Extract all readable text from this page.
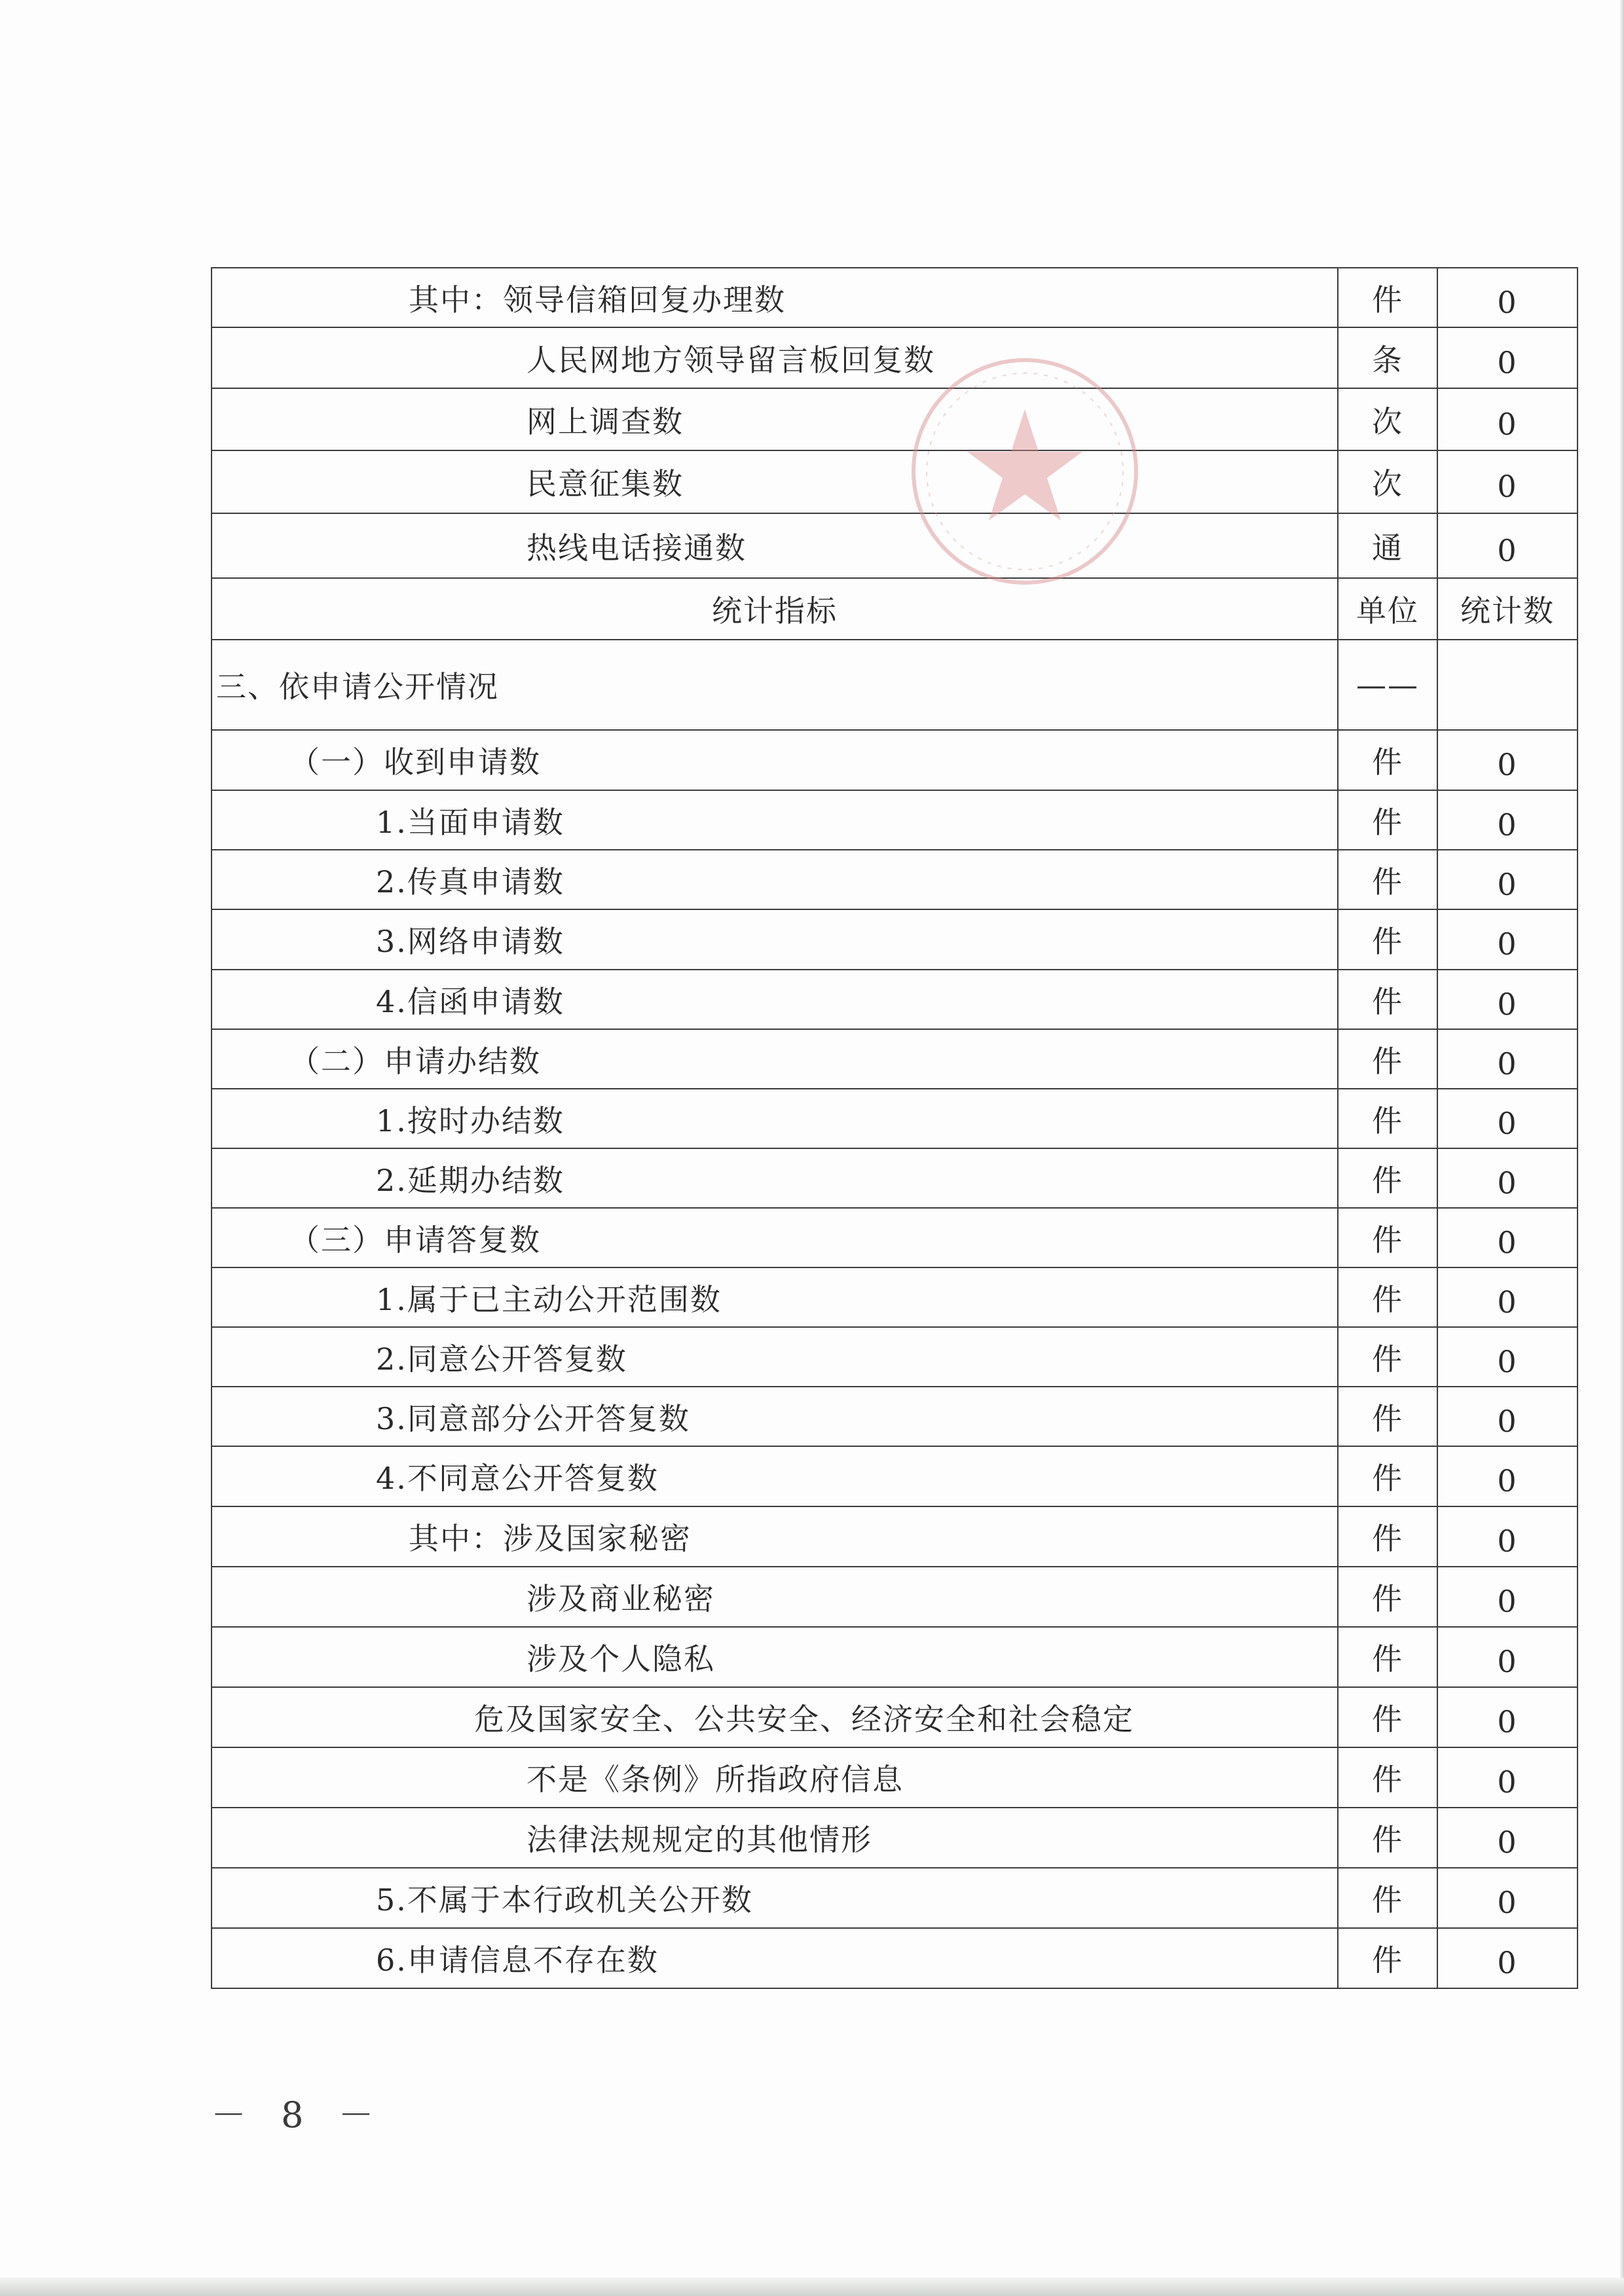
其中：领导信箱回复办理数	件	0
人民网地方领导留言板回复数	条	0
网上调查数	次	0
民意征集数	次	0
热线电话接通数	通	0
统计指标	单位	统计数
三、依申请公开情况	——	
（一）收到申请数	件	0
1.当面申请数	件	0
2.传真申请数	件	0
3.网络申请数	件	0
4.信函申请数	件	0
（二）申请办结数	件	0
1.按时办结数	件	0
2.延期办结数	件	0
（三）申请答复数	件	0
1.属于已主动公开范围数	件	0
2.同意公开答复数	件	0
3.同意部分公开答复数	件	0
4.不同意公开答复数	件	0
其中：涉及国家秘密	件	0
涉及商业秘密	件	0
涉及个人隐私	件	0
危及国家安全、公共安全、经济安全和社会稳定	件	0
不是《条例》所指政府信息	件	0
法律法规规定的其他情形	件	0
5.不属于本行政机关公开数	件	0
6.申请信息不存在数	件	0
－ 8 －
